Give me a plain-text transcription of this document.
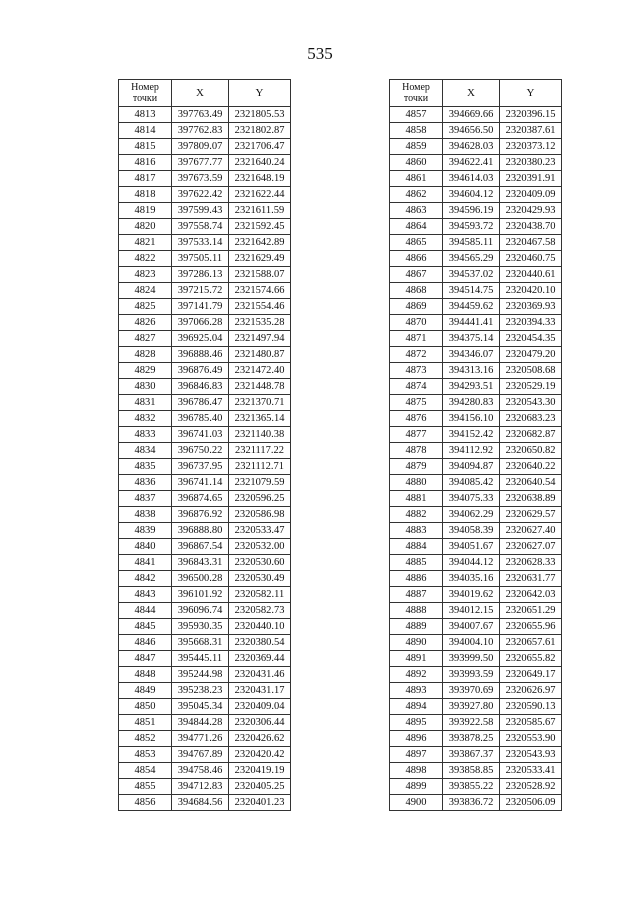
535
Номер
точки	X	Y
4813	397763.49	2321805.53
4814	397762.83	2321802.87
4815	397809.07	2321706.47
4816	397677.77	2321640.24
4817	397673.59	2321648.19
4818	397622.42	2321622.44
4819	397599.43	2321611.59
4820	397558.74	2321592.45
4821	397533.14	2321642.89
4822	397505.11	2321629.49
4823	397286.13	2321588.07
4824	397215.72	2321574.66
4825	397141.79	2321554.46
4826	397066.28	2321535.28
4827	396925.04	2321497.94
4828	396888.46	2321480.87
4829	396876.49	2321472.40
4830	396846.83	2321448.78
4831	396786.47	2321370.71
4832	396785.40	2321365.14
4833	396741.03	2321140.38
4834	396750.22	2321117.22
4835	396737.95	2321112.71
4836	396741.14	2321079.59
4837	396874.65	2320596.25
4838	396876.92	2320586.98
4839	396888.80	2320533.47
4840	396867.54	2320532.00
4841	396843.31	2320530.60
4842	396500.28	2320530.49
4843	396101.92	2320582.11
4844	396096.74	2320582.73
4845	395930.35	2320440.10
4846	395668.31	2320380.54
4847	395445.11	2320369.44
4848	395244.98	2320431.46
4849	395238.23	2320431.17
4850	395045.34	2320409.04
4851	394844.28	2320306.44
4852	394771.26	2320426.62
4853	394767.89	2320420.42
4854	394758.46	2320419.19
4855	394712.83	2320405.25
4856	394684.56	2320401.23
Номер
точки	X	Y
4857	394669.66	2320396.15
4858	394656.50	2320387.61
4859	394628.03	2320373.12
4860	394622.41	2320380.23
4861	394614.03	2320391.91
4862	394604.12	2320409.09
4863	394596.19	2320429.93
4864	394593.72	2320438.70
4865	394585.11	2320467.58
4866	394565.29	2320460.75
4867	394537.02	2320440.61
4868	394514.75	2320420.10
4869	394459.62	2320369.93
4870	394441.41	2320394.33
4871	394375.14	2320454.35
4872	394346.07	2320479.20
4873	394313.16	2320508.68
4874	394293.51	2320529.19
4875	394280.83	2320543.30
4876	394156.10	2320683.23
4877	394152.42	2320682.87
4878	394112.92	2320650.82
4879	394094.87	2320640.22
4880	394085.42	2320640.54
4881	394075.33	2320638.89
4882	394062.29	2320629.57
4883	394058.39	2320627.40
4884	394051.67	2320627.07
4885	394044.12	2320628.33
4886	394035.16	2320631.77
4887	394019.62	2320642.03
4888	394012.15	2320651.29
4889	394007.67	2320655.96
4890	394004.10	2320657.61
4891	393999.50	2320655.82
4892	393993.59	2320649.17
4893	393970.69	2320626.97
4894	393927.80	2320590.13
4895	393922.58	2320585.67
4896	393878.25	2320553.90
4897	393867.37	2320543.93
4898	393858.85	2320533.41
4899	393855.22	2320528.92
4900	393836.72	2320506.09
